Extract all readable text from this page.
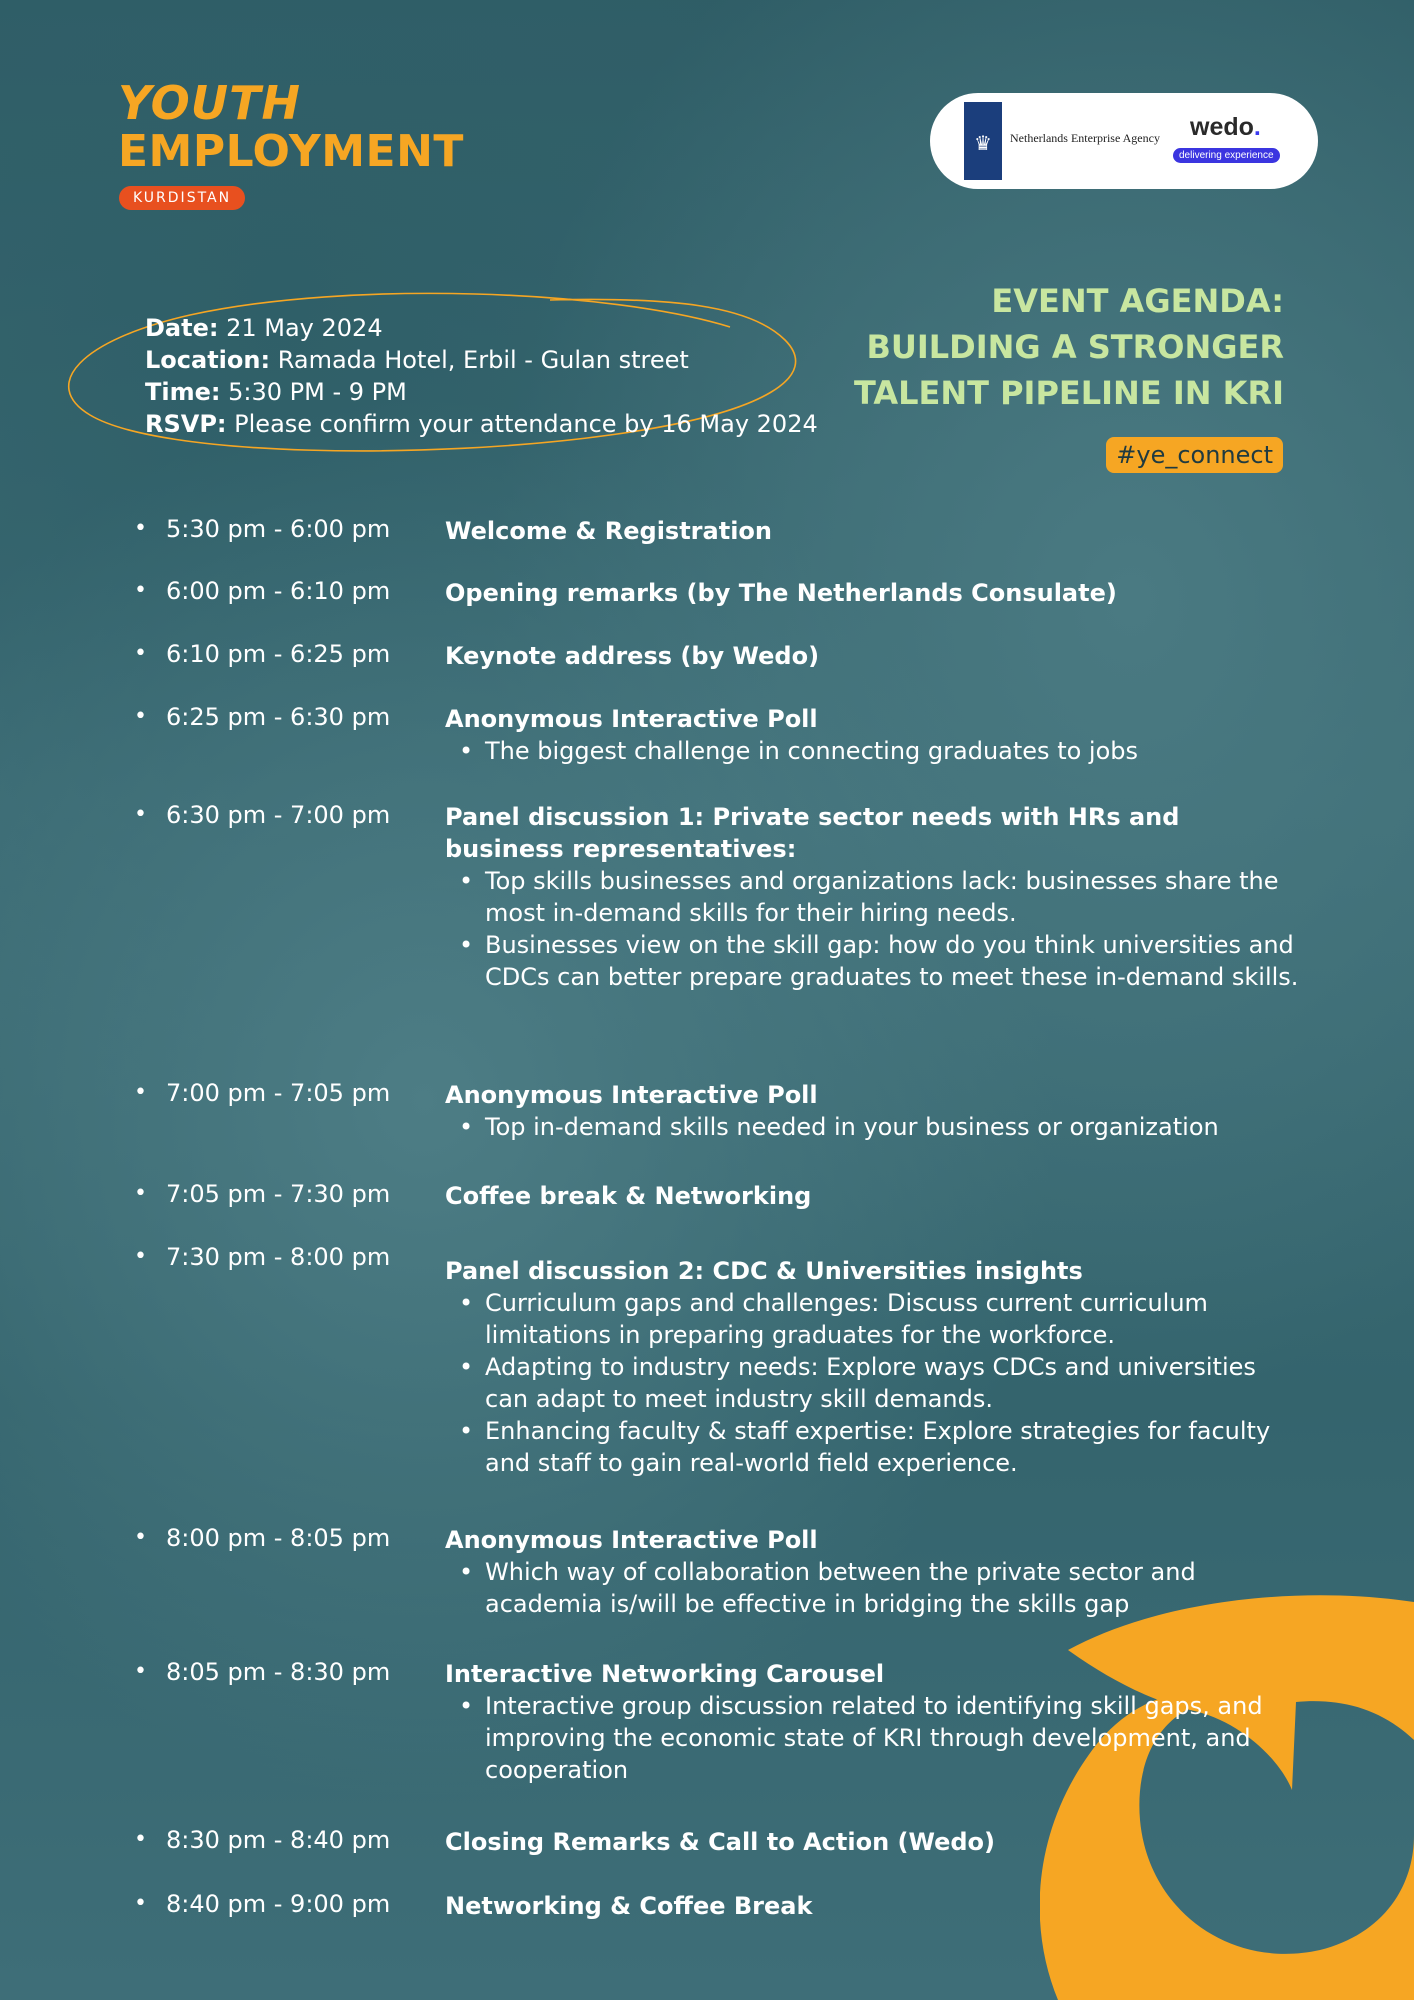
YOUTH
EMPLOYMENT
KURDISTAN
♛	Netherlands Enterprise Agency wedo.
delivering experience
Date: 21 May 2024
Location: Ramada Hotel, Erbil - Gulan street
Time: 5:30 PM - 9 PM
RSVP: Please confirm your attendance by 16 May 2024
EVENT AGENDA:
BUILDING A STRONGER
TALENT PIPELINE IN KRI
#ye_connect
• 5:30 pm - 6:00 pm Welcome & Registration
• 6:00 pm - 6:10 pm Opening remarks (by The Netherlands Consulate)
• 6:10 pm - 6:25 pm Keynote address (by Wedo)
• 6:25 pm - 6:30 pm Anonymous Interactive Poll
• The biggest challenge in connecting graduates to jobs
• 6:30 pm - 7:00 pm Panel discussion 1: Private sector needs with HRs and business representatives:
• Top skills businesses and organizations lack: businesses share the most in-demand skills for their hiring needs.
• Businesses view on the skill gap: how do you think universities and CDCs can better prepare graduates to meet these in-demand skills.
• 7:00 pm - 7:05 pm Anonymous Interactive Poll
• Top in-demand skills needed in your business or organization
• 7:05 pm - 7:30 pm Coffee break & Networking
• 7:30 pm - 8:00 pm Panel discussion 2: CDC & Universities insights
• Curriculum gaps and challenges: Discuss current curriculum limitations in preparing graduates for the workforce.
• Adapting to industry needs: Explore ways CDCs and universities can adapt to meet industry skill demands.
• Enhancing faculty & staff expertise: Explore strategies for faculty and staff to gain real-world field experience.
• 8:00 pm - 8:05 pm Anonymous Interactive Poll
• Which way of collaboration between the private sector and academia is/will be effective in bridging the skills gap
• 8:05 pm - 8:30 pm Interactive Networking Carousel
• Interactive group discussion related to identifying skill gaps, and improving the economic state of KRI through development, and cooperation
• 8:30 pm - 8:40 pm Closing Remarks & Call to Action (Wedo)
• 8:40 pm - 9:00 pm Networking & Coffee Break
